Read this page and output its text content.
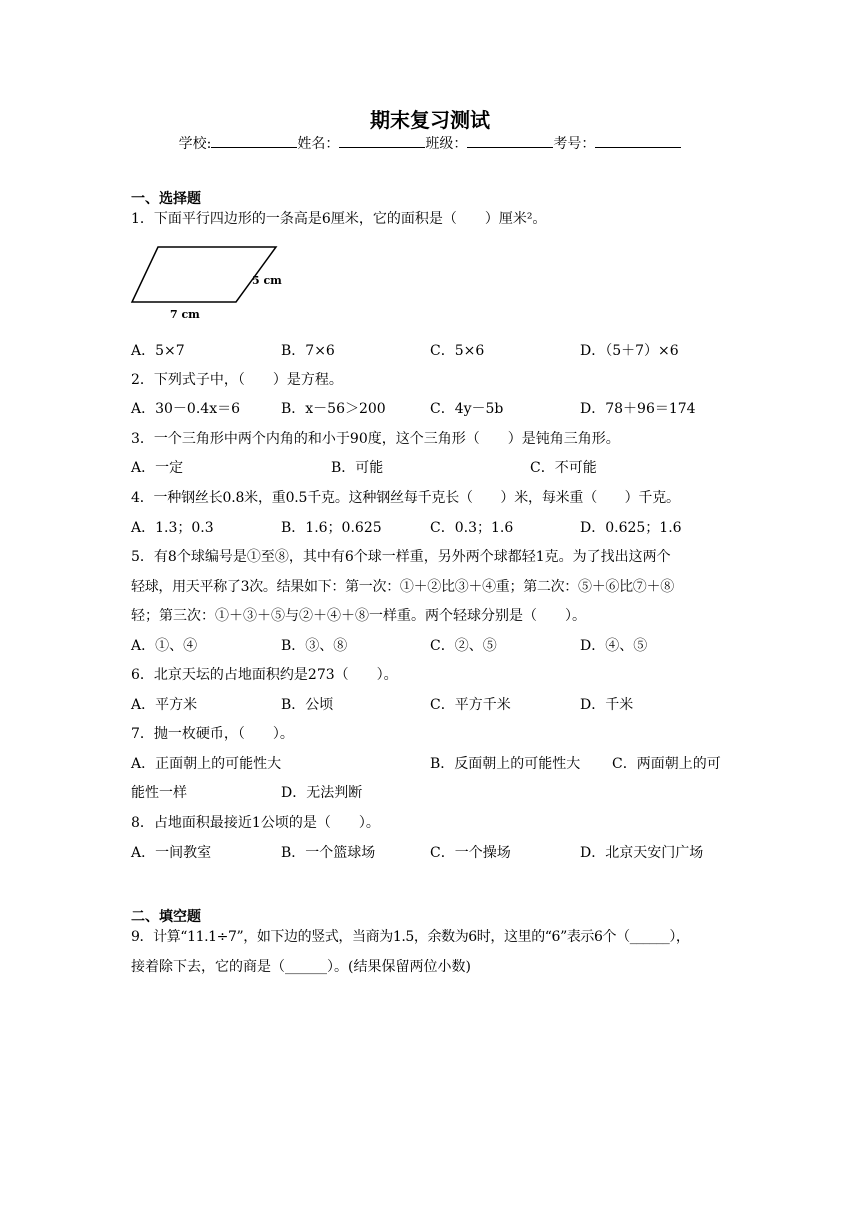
期末复习测试
学校:	姓名：	班级：	考号：
一、选择题
1．下面平行四边形的一条高是6厘米，它的面积是（　　）厘米²。
5 cm
7 cm
A．5×7	B．7×6	C．5×6	D．（5＋7）×6
2．下列式子中，（　　）是方程。
A．30－0.4x＝6	B．x－56＞200	C．4y－5b	D．78＋96＝174
3．一个三角形中两个内角的和小于90度，这个三角形（　　）是钝角三角形。
A．一定	B．可能	C．不可能
4．一种钢丝长0.8米，重0.5千克。这种钢丝每千克长（　　）米，每米重（　　）千克。
A．1.3；0.3	B．1.6；0.625	C．0.3；1.6	D．0.625；1.6
5．有8个球编号是①至⑧，其中有6个球一样重，另外两个球都轻1克。为了找出这两个
轻球，用天平称了3次。结果如下：第一次：①＋②比③＋④重；第二次：⑤＋⑥比⑦＋⑧
轻；第三次：①＋③＋⑤与②＋④＋⑧一样重。两个轻球分别是（　　）。
A．①、④	B．③、⑧	C．②、⑤	D．④、⑤
6．北京天坛的占地面积约是273（　　）。
A．平方米	B．公顷	C．平方千米	D．千米
7．抛一枚硬币，（　　）。
A．正面朝上的可能性大	B．反面朝上的可能性大 C．两面朝上的可
能性一样	D．无法判断
8．占地面积最接近1公顷的是（　　）。
A．一间教室	B．一个篮球场	C．一个操场	D．北京天安门广场
二、填空题
9．计算“11.1÷7”，如下边的竖式，当商为1.5，余数为6时，这里的“6”表示6个（______），
接着除下去，它的商是（______）。(结果保留两位小数)
